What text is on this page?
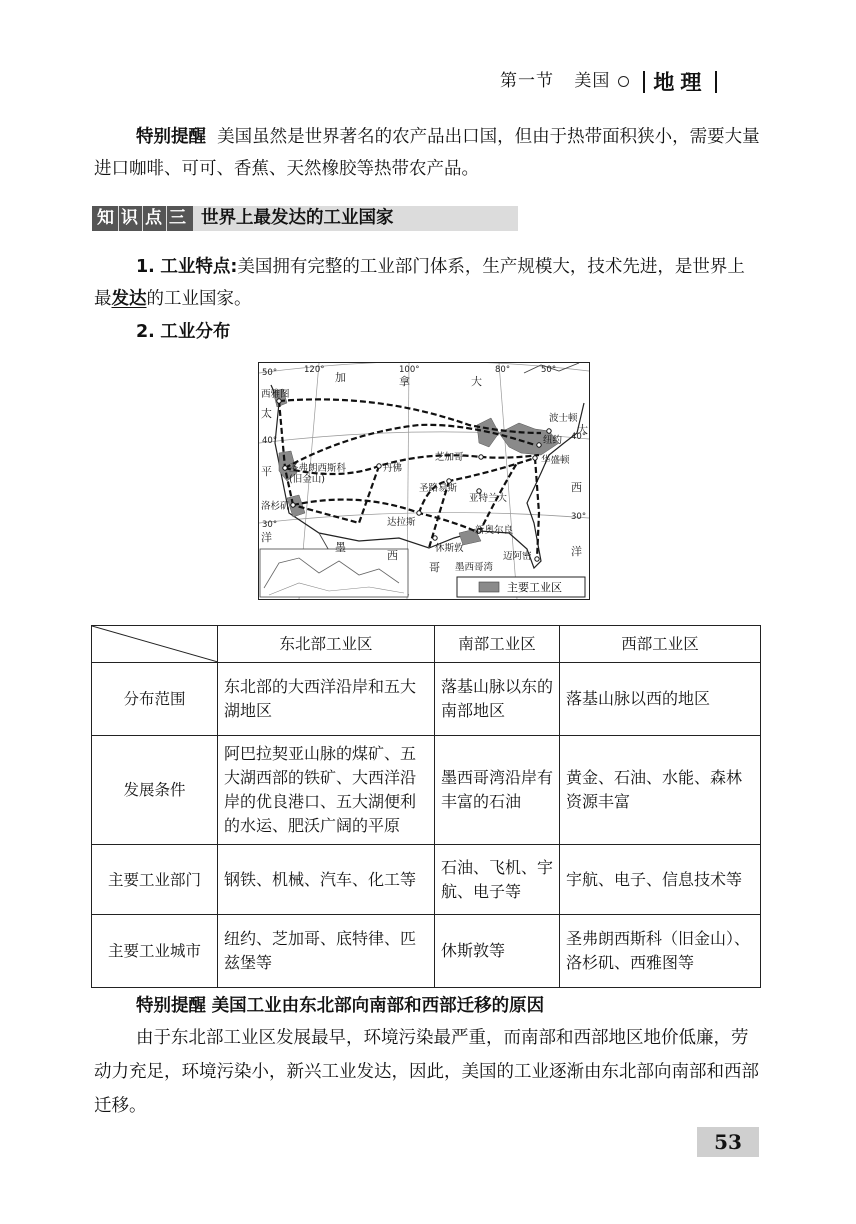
第一节 美国 地理
特别提醒 美国虽然是世界著名的农产品出口国，但由于热带面积狭小，需要大量进口咖啡、可可、香蕉、天然橡胶等热带农产品。
知 识 点 三 世界上最发达的工业国家
1. 工业特点:美国拥有完整的工业部门体系，生产规模大，技术先进，是世界上最发达的工业国家。
2. 工业分布
主要工业区
120°	100°	80°	50°
50°
40°	40°
30°
30°
加	拿	大
太
平
洋
大
西
洋
墨
西
哥
西雅图
波士顿
纽约
华盛顿
芝加哥
丹佛
圣弗朗西斯科
(旧金山)
圣路易斯
亚特兰大
洛杉矶
达拉斯
新奥尔良
休斯敦
迈阿密
墨西哥湾
	东北部工业区	南部工业区	西部工业区
分布范围	东北部的大西洋沿岸和五大湖地区	落基山脉以东的南部地区	落基山脉以西的地区
发展条件	阿巴拉契亚山脉的煤矿、五大湖西部的铁矿、大西洋沿岸的优良港口、五大湖便利的水运、肥沃广阔的平原	墨西哥湾沿岸有丰富的石油	黄金、石油、水能、森林资源丰富
主要工业部门	钢铁、机械、汽车、化工等	石油、飞机、宇航、电子等	宇航、电子、信息技术等
主要工业城市	纽约、芝加哥、底特律、匹兹堡等	休斯敦等	圣弗朗西斯科（旧金山）、洛杉矶、西雅图等
特别提醒 美国工业由东北部向南部和西部迁移的原因
由于东北部工业区发展最早，环境污染最严重，而南部和西部地区地价低廉，劳动力充足，环境污染小，新兴工业发达，因此，美国的工业逐渐由东北部向南部和西部迁移。
53
